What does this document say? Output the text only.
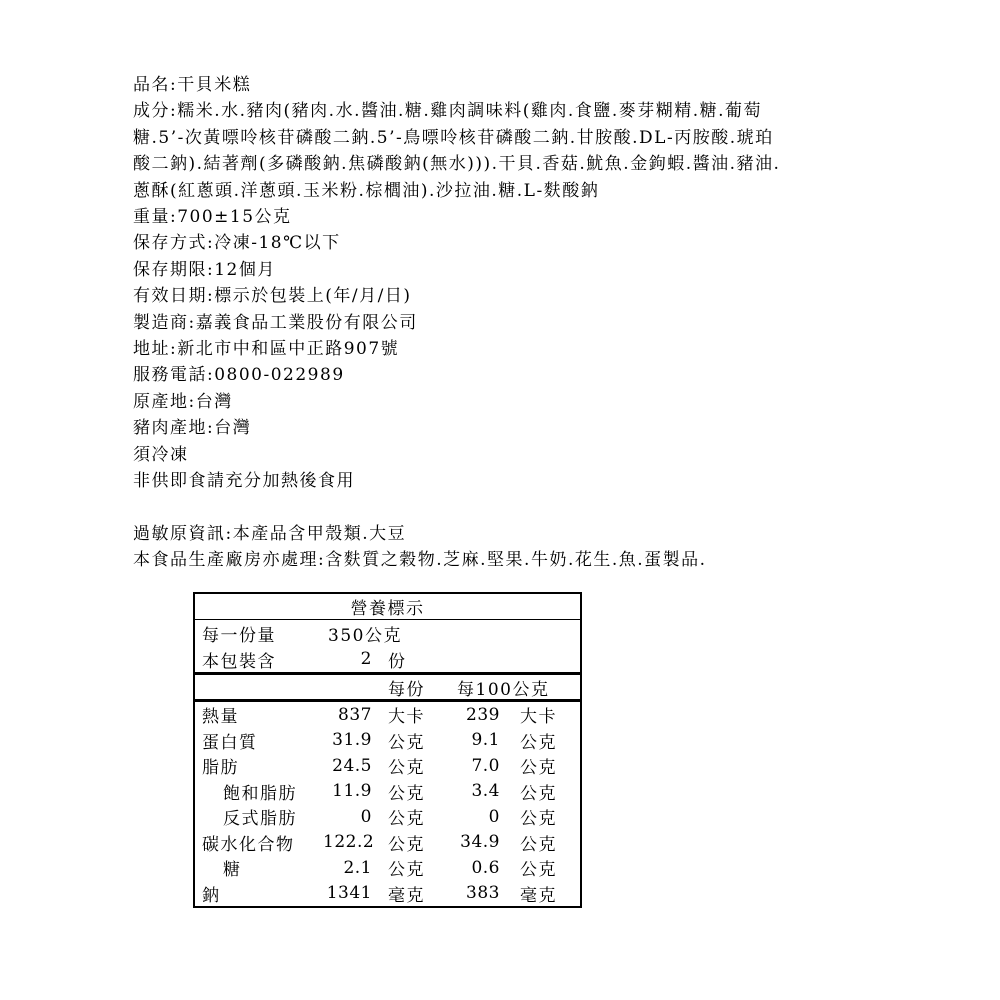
品名:干貝米糕
成分:糯米.水.豬肉(豬肉.水.醬油.糖.雞肉調味料(雞肉.食鹽.麥芽糊精.糖.葡萄
糖.5’-次黃嘌呤核苷磷酸二鈉.5’-鳥嘌呤核苷磷酸二鈉.甘胺酸.DL-丙胺酸.琥珀
酸二鈉).結著劑(多磷酸鈉.焦磷酸鈉(無水))).干貝.香菇.魷魚.金鉤蝦.醬油.豬油.
蔥酥(紅蔥頭.洋蔥頭.玉米粉.棕櫚油).沙拉油.糖.L-麩酸鈉
重量:700±15公克
保存方式:冷凍-18℃以下
保存期限:12個月
有效日期:標示於包裝上(年/月/日)
製造商:嘉義食品工業股份有限公司
地址:新北市中和區中正路907號
服務電話:0800-022989
原產地:台灣
豬肉產地:台灣
須冷凍
非供即食請充分加熱後食用
過敏原資訊:本產品含甲殼類.大豆
本食品生產廠房亦處理:含麩質之穀物.芝麻.堅果.牛奶.花生.魚.蛋製品.
營養標示
每一份量	350公克
本包裝含	2 份
每份	每100公克
熱量	837 大卡	239	大卡
蛋白質	31.9 公克	9.1	公克
脂肪	24.5 公克	7.0	公克
飽和脂肪	11.9 公克	3.4	公克
反式脂肪	0 公克	0	公克
碳水化合物	122.2 公克	34.9	公克
糖	2.1 公克	0.6	公克
鈉	1341 毫克	383	毫克
